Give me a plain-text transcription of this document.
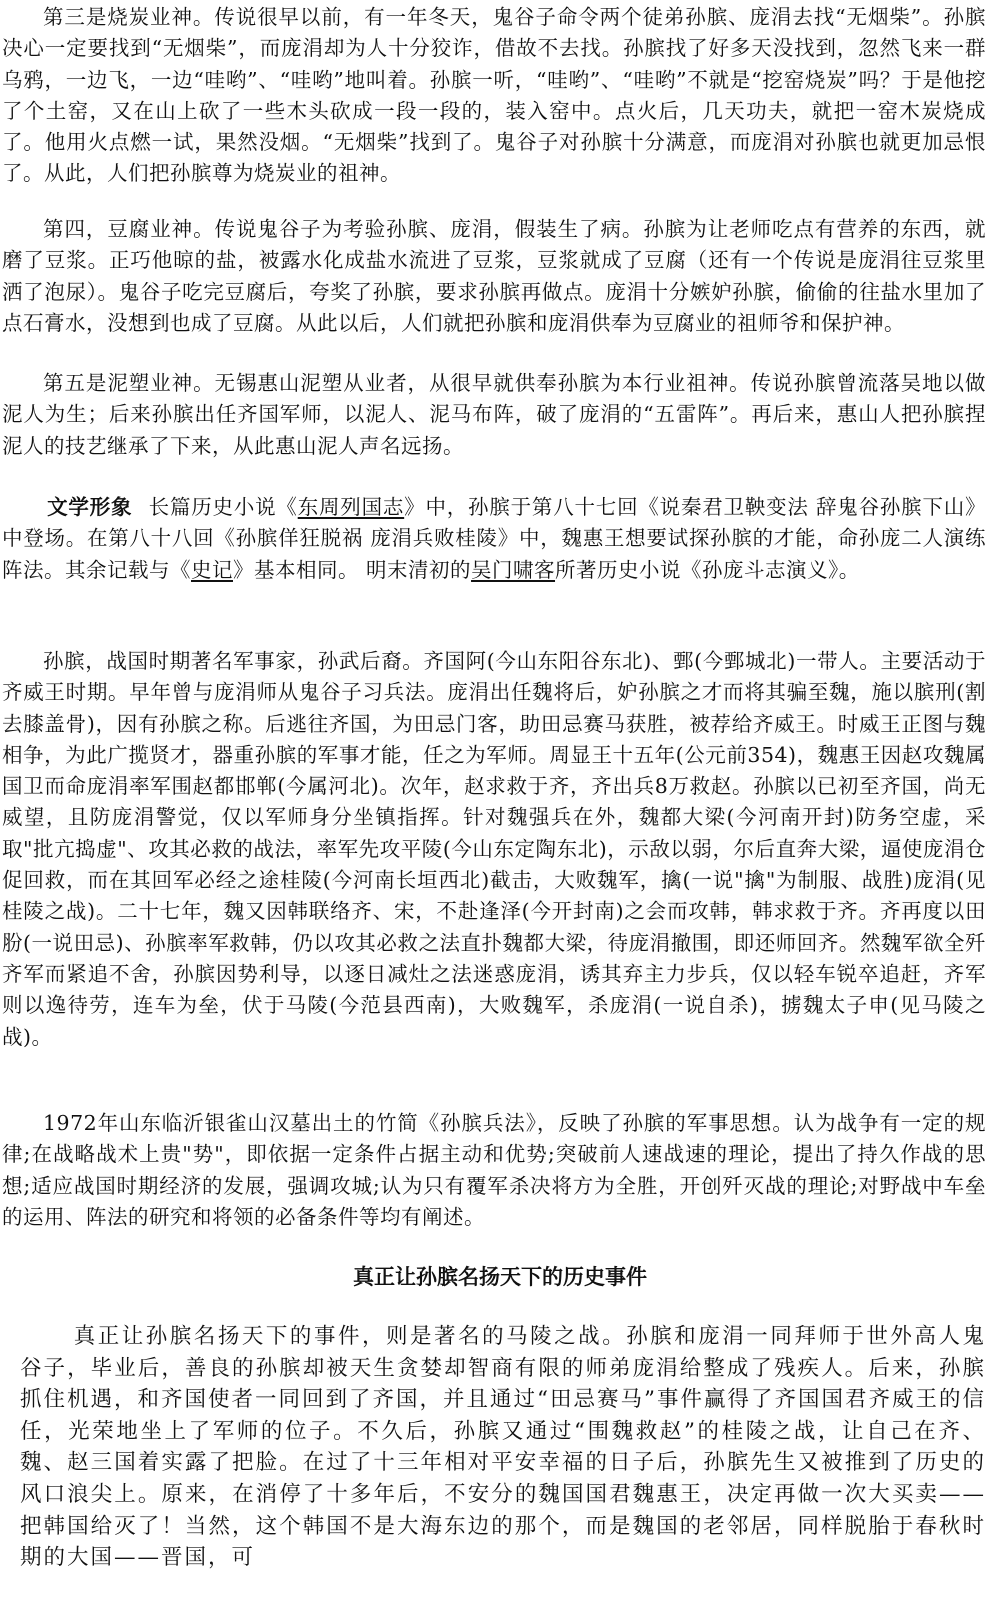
第三是烧炭业神。传说很早以前，有一年冬天，鬼谷子命令两个徒弟孙膑、庞涓去找“无烟柴”。孙膑决心一定要找到“无烟柴”，而庞涓却为人十分狡诈，借故不去找。孙膑找了好多天没找到，忽然飞来一群乌鸦，一边飞，一边“哇哟”、“哇哟”地叫着。孙膑一听，“哇哟”、“哇哟”不就是“挖窑烧炭”吗？于是他挖了个土窑，又在山上砍了一些木头砍成一段一段的，装入窑中。点火后，几天功夫，就把一窑木炭烧成了。他用火点燃一试，果然没烟。“无烟柴”找到了。鬼谷子对孙膑十分满意，而庞涓对孙膑也就更加忌恨了。从此，人们把孙膑尊为烧炭业的祖神。

第四，豆腐业神。传说鬼谷子为考验孙膑、庞涓，假装生了病。孙膑为让老师吃点有营养的东西，就磨了豆浆。正巧他晾的盐，被露水化成盐水流进了豆浆，豆浆就成了豆腐（还有一个传说是庞涓往豆浆里洒了泡尿）。鬼谷子吃完豆腐后，夸奖了孙膑，要求孙膑再做点。庞涓十分嫉妒孙膑，偷偷的往盐水里加了点石膏水，没想到也成了豆腐。从此以后，人们就把孙膑和庞涓供奉为豆腐业的祖师爷和保护神。

第五是泥塑业神。无锡惠山泥塑从业者，从很早就供奉孙膑为本行业祖神。传说孙膑曾流落吴地以做泥人为生；后来孙膑出任齐国军师，以泥人、泥马布阵，破了庞涓的“五雷阵”。再后来，惠山人把孙膑捏泥人的技艺继承了下来，从此惠山泥人声名远扬。

文学形象 长篇历史小说《东周列国志》中，孙膑于第八十七回《说秦君卫鞅变法 辞鬼谷孙膑下山》中登场。在第八十八回《孙膑佯狂脱祸 庞涓兵败桂陵》中，魏惠王想要试探孙膑的才能，命孙庞二人演练阵法。其余记载与《史记》基本相同。 明末清初的吴门啸客所著历史小说《孙庞斗志演义》。

孙膑，战国时期著名军事家，孙武后裔。齐国阿(今山东阳谷东北)、鄄(今鄄城北)一带人。主要活动于齐威王时期。早年曾与庞涓师从鬼谷子习兵法。庞涓出任魏将后，妒孙膑之才而将其骗至魏，施以膑刑(割去膝盖骨)，因有孙膑之称。后逃往齐国，为田忌门客，助田忌赛马获胜，被荐给齐威王。时威王正图与魏相争，为此广揽贤才，器重孙膑的军事才能，任之为军师。周显王十五年(公元前354)，魏惠王因赵攻魏属国卫而命庞涓率军围赵都邯郸(今属河北)。次年，赵求救于齐，齐出兵8万救赵。孙膑以已初至齐国，尚无威望，且防庞涓警觉，仅以军师身分坐镇指挥。针对魏强兵在外，魏都大梁(今河南开封)防务空虚，采取"批亢捣虚"、攻其必救的战法，率军先攻平陵(今山东定陶东北)，示敌以弱，尔后直奔大梁，逼使庞涓仓促回救，而在其回军必经之途桂陵(今河南长垣西北)截击，大败魏军，擒(一说"擒"为制服、战胜)庞涓(见桂陵之战)。二十七年，魏又因韩联络齐、宋，不赴逢泽(今开封南)之会而攻韩，韩求救于齐。齐再度以田肦(一说田忌)、孙膑率军救韩，仍以攻其必救之法直扑魏都大梁，待庞涓撤围，即还师回齐。然魏军欲全歼齐军而紧追不舍，孙膑因势利导，以逐日减灶之法迷惑庞涓，诱其弃主力步兵，仅以轻车锐卒追赶，齐军则以逸待劳，连车为垒，伏于马陵(今范县西南)，大败魏军，杀庞涓(一说自杀)，掳魏太子申(见马陵之战)。

1972年山东临沂银雀山汉墓出土的竹简《孙膑兵法》，反映了孙膑的军事思想。认为战争有一定的规律;在战略战术上贵"势"，即依据一定条件占据主动和优势;突破前人速战速的理论，提出了持久作战的思想;适应战国时期经济的发展，强调攻城;认为只有覆军杀决将方为全胜，开创歼灭战的理论;对野战中车垒的运用、阵法的研究和将领的必备条件等均有阐述。

真正让孙膑名扬天下的历史事件

真正让孙膑名扬天下的事件，则是著名的马陵之战。孙膑和庞涓一同拜师于世外高人鬼谷子，毕业后，善良的孙膑却被天生贪婪却智商有限的师弟庞涓给整成了残疾人。后来，孙膑抓住机遇，和齐国使者一同回到了齐国，并且通过“田忌赛马”事件赢得了齐国国君齐威王的信任，光荣地坐上了军师的位子。不久后，孙膑又通过“围魏救赵”的桂陵之战，让自己在齐、魏、赵三国着实露了把脸。在过了十三年相对平安幸福的日子后，孙膑先生又被推到了历史的风口浪尖上。原来，在消停了十多年后，不安分的魏国国君魏惠王，决定再做一次大买卖——把韩国给灭了！当然，这个韩国不是大海东边的那个，而是魏国的老邻居，同样脱胎于春秋时期的大国——晋国，可
